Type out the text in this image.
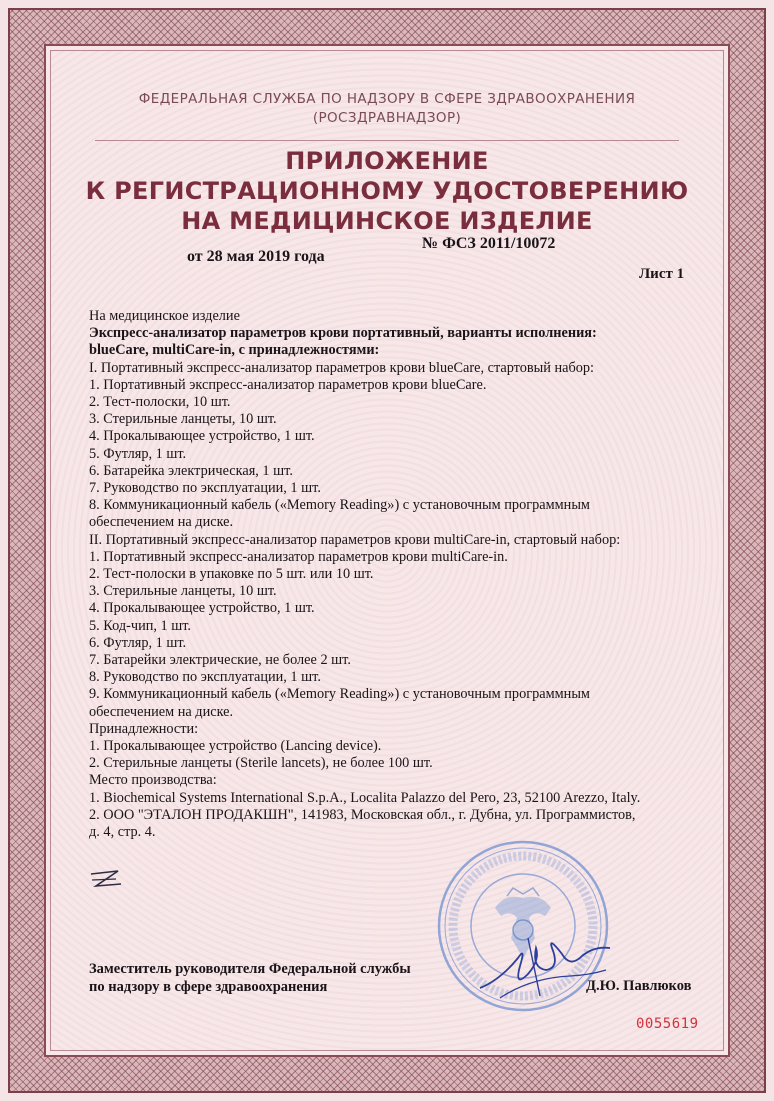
ФЕДЕРАЛЬНАЯ СЛУЖБА ПО НАДЗОРУ В СФЕРЕ ЗДРАВООХРАНЕНИЯ
(РОСЗДРАВНАДЗОР)
ПРИЛОЖЕНИЕ
К РЕГИСТРАЦИОННОМУ УДОСТОВЕРЕНИЮ
НА МЕДИЦИНСКОЕ ИЗДЕЛИЕ
№ ФСЗ 2011/10072
от 28 мая 2019 года
Лист 1
На медицинское изделие
Экспресс-анализатор параметров крови портативный, варианты исполнения:
blueCare, multiCare-in, с принадлежностями:
I. Портативный экспресс-анализатор параметров крови blueCare, стартовый набор:
1. Портативный экспресс-анализатор параметров крови blueCare.
2. Тест-полоски, 10 шт.
3. Стерильные ланцеты, 10 шт.
4. Прокалывающее устройство, 1 шт.
5. Футляр, 1 шт.
6. Батарейка электрическая, 1 шт.
7. Руководство по эксплуатации, 1 шт.
8. Коммуникационный кабель («Memory Reading») с установочным программным
обеспечением на диске.
II. Портативный экспресс-анализатор параметров крови multiCare-in, стартовый набор:
1. Портативный экспресс-анализатор параметров крови multiCare-in.
2. Тест-полоски в упаковке по 5 шт. или 10 шт.
3. Стерильные ланцеты, 10 шт.
4. Прокалывающее устройство, 1 шт.
5. Код-чип, 1 шт.
6. Футляр, 1 шт.
7. Батарейки электрические, не более 2 шт.
8. Руководство по эксплуатации, 1 шт.
9. Коммуникационный кабель («Memory Reading») с установочным программным
обеспечением на диске.
Принадлежности:
1. Прокалывающее устройство (Lancing device).
2. Стерильные ланцеты (Sterile lancets), не более 100 шт.
Место производства:
1. Biochemical Systems International S.p.A., Localita Palazzo del Pero, 23, 52100 Arezzo, Italy.
2. ООО "ЭТАЛОН ПРОДАКШН", 141983, Московская обл., г. Дубна, ул. Программистов,
д. 4, стр. 4.
Заместитель руководителя Федеральной службы
по надзору в сфере здравоохранения	Д.Ю. Павлюков
0055619
